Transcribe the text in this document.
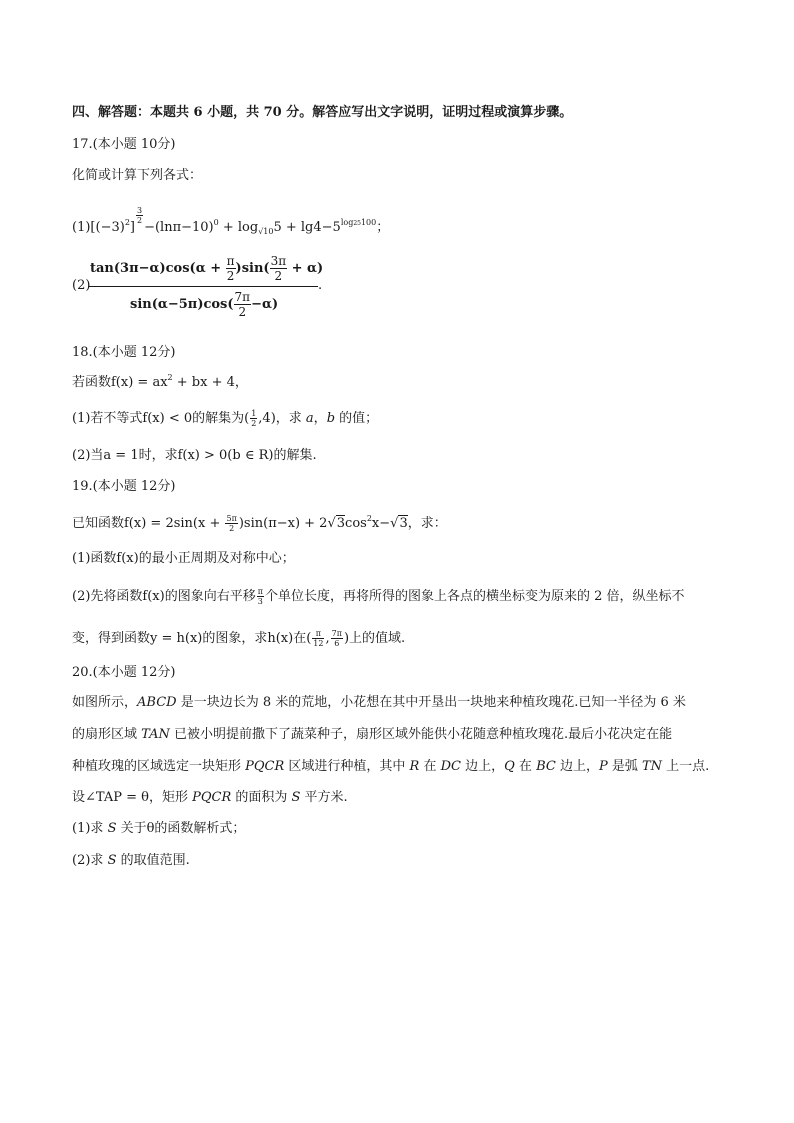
四、解答题：本题共 6 小题，共 70 分。解答应写出文字说明，证明过程或演算步骤。
17.(本小题 10分)
化简或计算下列各式：
$(1)[(-3)^2]$
$\frac{3}{2}$
$-(\ln\pi-10)^0 + \log_{√10}5 + \lg 4-5^{log25100}$；
(2)
$\tan(3\pi-\alpha)\cos(\alpha + \frac{\pi}{2} )\sin( \frac{3\pi}{2} + \alpha)$
$\sin(\alpha-5\pi)\cos( \frac{7\pi}{2} -\alpha)$
.
18.(本小题 12分)
若函数$f(x) = ax^2$ + bx + 4，
(1)若不等式f(x) < 0的解集为( $\frac{1}{2} ,4$)，求 a，b 的值；
(2)当a = 1时，求f(x) > 0(b ∈ R)的解集.
19.(本小题 12分)
已知函数$f(x) = 2\sin(x + \frac{5\pi}{2} )\sin(\pi-x) + 2√3\cos^2x-√3$，求：
(1)函数f(x)的最小正周期及对称中心；
(2)先将函数f(x)的图象向右平移 $\frac{\pi}{3}$ 个单位长度，再将所得的图象上各点的横坐标变为原来的 2 倍，纵坐标不
变，得到函数y = h(x)的图象，求h(x)在( $\frac{\pi}{12}$ , $\frac{7\pi}{6}$ )上的值域.
20.(本小题 12分)
如图所示，ABCD 是一块边长为 8 米的荒地，小花想在其中开垦出一块地来种植玫瑰花.已知一半径为 6 米
的扇形区域 TAN 已被小明提前撒下了蔬菜种子，扇形区域外能供小花随意种植玫瑰花.最后小花决定在能
种植玫瑰的区域选定一块矩形 PQCR 区域进行种植，其中 R 在 DC 边上，Q 在 BC 边上，P 是弧 TN 上一点.
设∠TAP = θ，矩形 PQCR 的面积为 S 平方米.
(1)求 S 关于θ的函数解析式；
(2)求 S 的取值范围.
